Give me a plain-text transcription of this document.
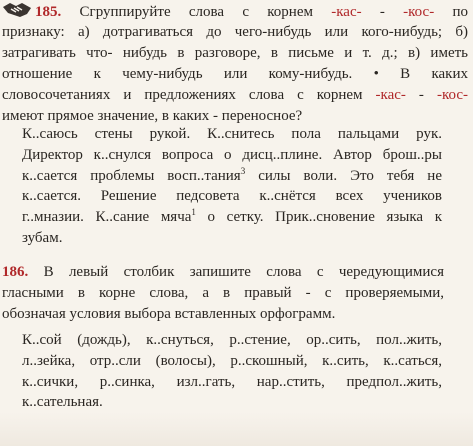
185. Сгруппируйте слова с корнем -кас- - -кос- по
признаку: а) дотрагиваться до чего-нибудь или кого-нибудь; б)
затрагивать что- нибудь в разговоре, в письме и т. д.; в) иметь
отношение к чему-нибудь или кому-нибудь. • В каких
словосочетаниях и предложениях слова с корнем -кас- - -кос-
имеют прямое значение, в каких - переносное?
К..саюсь стены рукой. К..снитесь пола пальцами рук.
Директор к..снулся вопроса о дисц..плине. Автор брош..ры
к..сается проблемы восп..тания$^3$ силы воли. Это тебя не
к..сается. Решение педсовета к..снётся всех учеников
г..мназии. К..сание мяча$^1$ о сетку. Прик..сновение языка к
зубам.
186. В левый столбик запишите слова с чередующимися
гласными в корне слова, а в правый - с проверяемыми,
обозначая условия выбора вставленных орфограмм.
К..сой (дождь), к..снуться, р..стение, ор..сить, пол..жить,
л..зейка, отр..сли (волосы), р..скошный, к..сить, к..саться,
к..сички, р..синка, изл..гать, нар..стить, предпол..жить,
к..сательная.
